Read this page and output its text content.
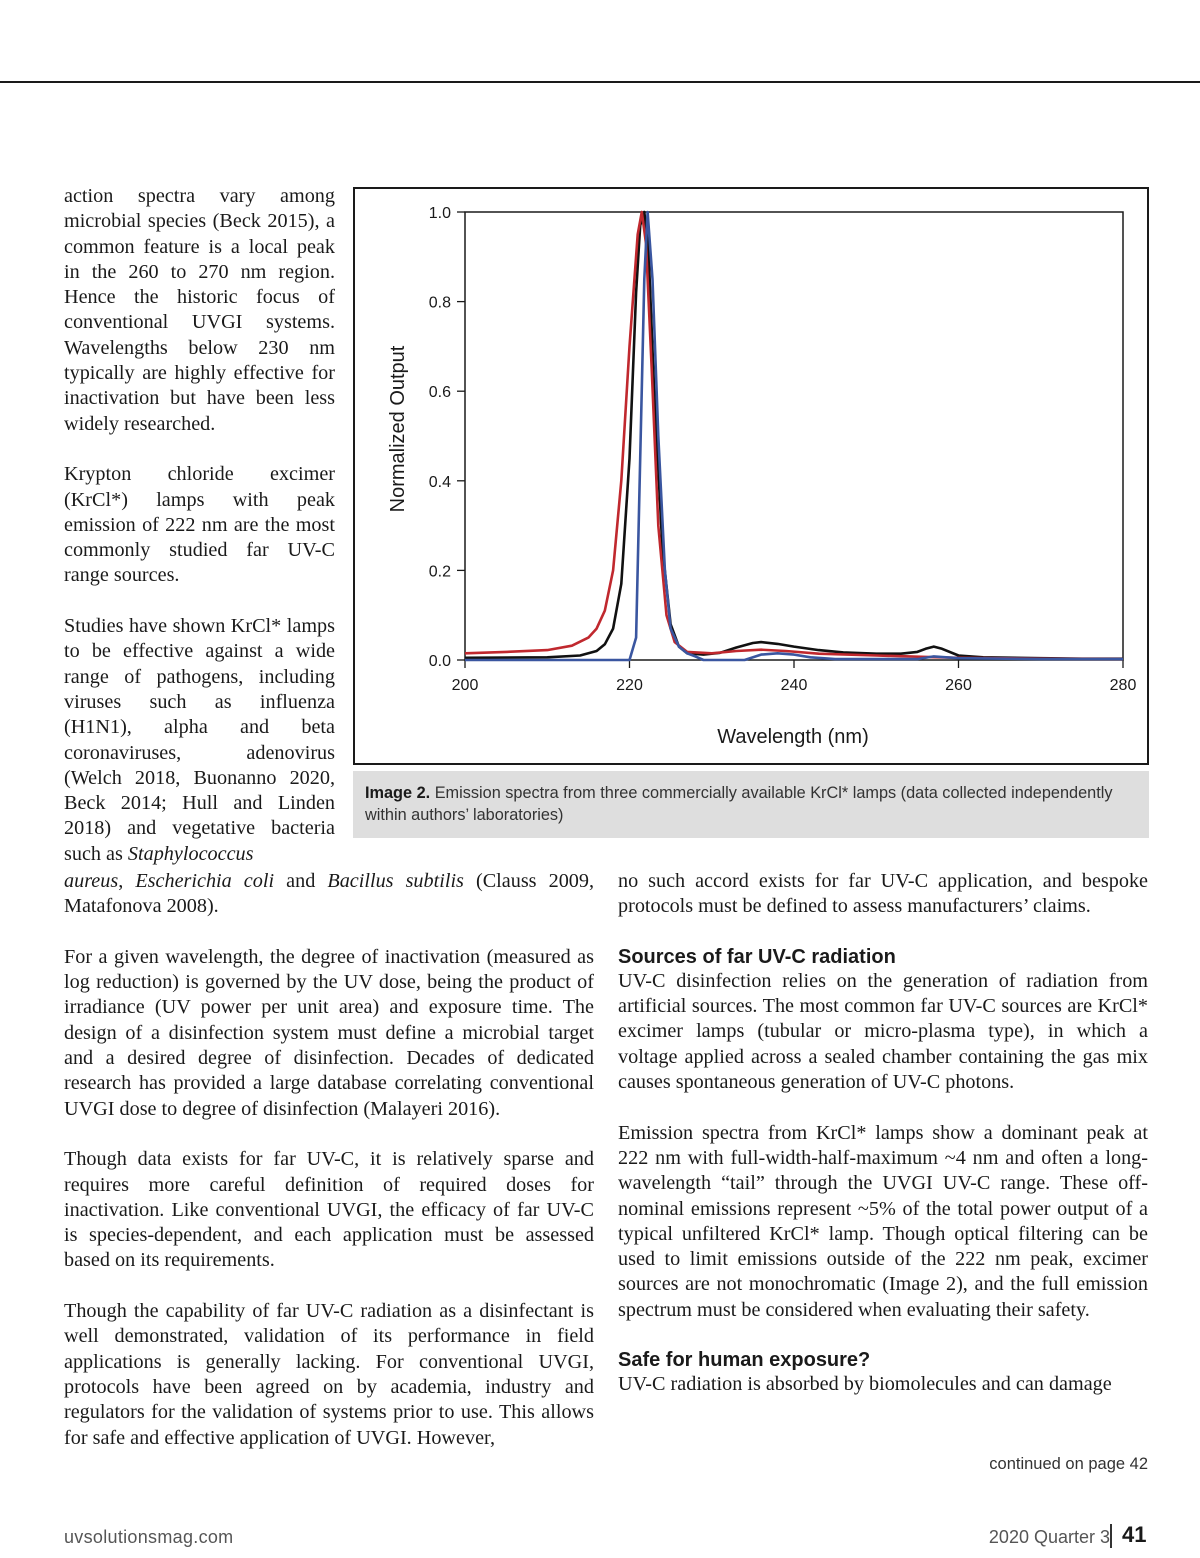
action spectra vary among microbial species (Beck 2015), a common feature is a local peak in the 260 to 270 nm region. Hence the historic focus of conventional UVGI systems. Wavelengths below 230 nm typically are highly effective for inactivation but have been less widely researched.

Krypton chloride excimer (KrCl*) lamps with peak emission of 222 nm are the most commonly studied far UV-C range sources.

Studies have shown KrCl* lamps to be effective against a wide range of pathogens, including viruses such as influenza (H1N1), alpha and beta coronaviruses, adenovirus (Welch 2018, Buonanno 2020, Beck 2014; Hull and Linden 2018) and vegetative bacteria such as Staphylococcus

200	220	240	260	280
0.0
0.2
0.4
0.6
0.8
1.0
Normalized Output
Wavelength (nm)
Image 2. Emission spectra from three commercially available KrCl* lamps (data collected independently within authors’ laboratories)

aureus, Escherichia coli and Bacillus subtilis (Clauss 2009, Matafonova 2008).

For a given wavelength, the degree of inactivation (measured as log reduction) is governed by the UV dose, being the product of irradiance (UV power per unit area) and exposure time. The design of a disinfection system must define a microbial target and a desired degree of disinfection. Decades of dedicated research has provided a large database correlating conventional UVGI dose to degree of disinfection (Malayeri 2016).

Though data exists for far UV-C, it is relatively sparse and requires more careful definition of required doses for inactivation. Like conventional UVGI, the efficacy of far UV-C is species-dependent, and each application must be assessed based on its requirements.

Though the capability of far UV-C radiation as a disinfectant is well demonstrated, validation of its performance in field applications is generally lacking. For conventional UVGI, protocols have been agreed on by academia, industry and regulators for the validation of systems prior to use. This allows for safe and effective application of UVGI. However,

no such accord exists for far UV-C application, and bespoke protocols must be defined to assess manufacturers’ claims.

Sources of far UV-C radiation

UV-C disinfection relies on the generation of radiation from artificial sources. The most common far UV-C sources are KrCl* excimer lamps (tubular or micro-plasma type), in which a voltage applied across a sealed chamber containing the gas mix causes spontaneous generation of UV-C photons.

Emission spectra from KrCl* lamps show a dominant peak at 222 nm with full-width-half-maximum ~4 nm and often a long-wavelength “tail” through the UVGI UV-C range. These off-nominal emissions represent ~5% of the total power output of a typical unfiltered KrCl* lamp. Though optical filtering can be used to limit emissions outside of the 222 nm peak, excimer sources are not monochromatic (Image 2), and the full emission spectrum must be considered when evaluating their safety.

Safe for human exposure?

UV-C radiation is absorbed by biomolecules and can damage

continued on page 42
uvsolutionsmag.com	2020 Quarter 3 41
